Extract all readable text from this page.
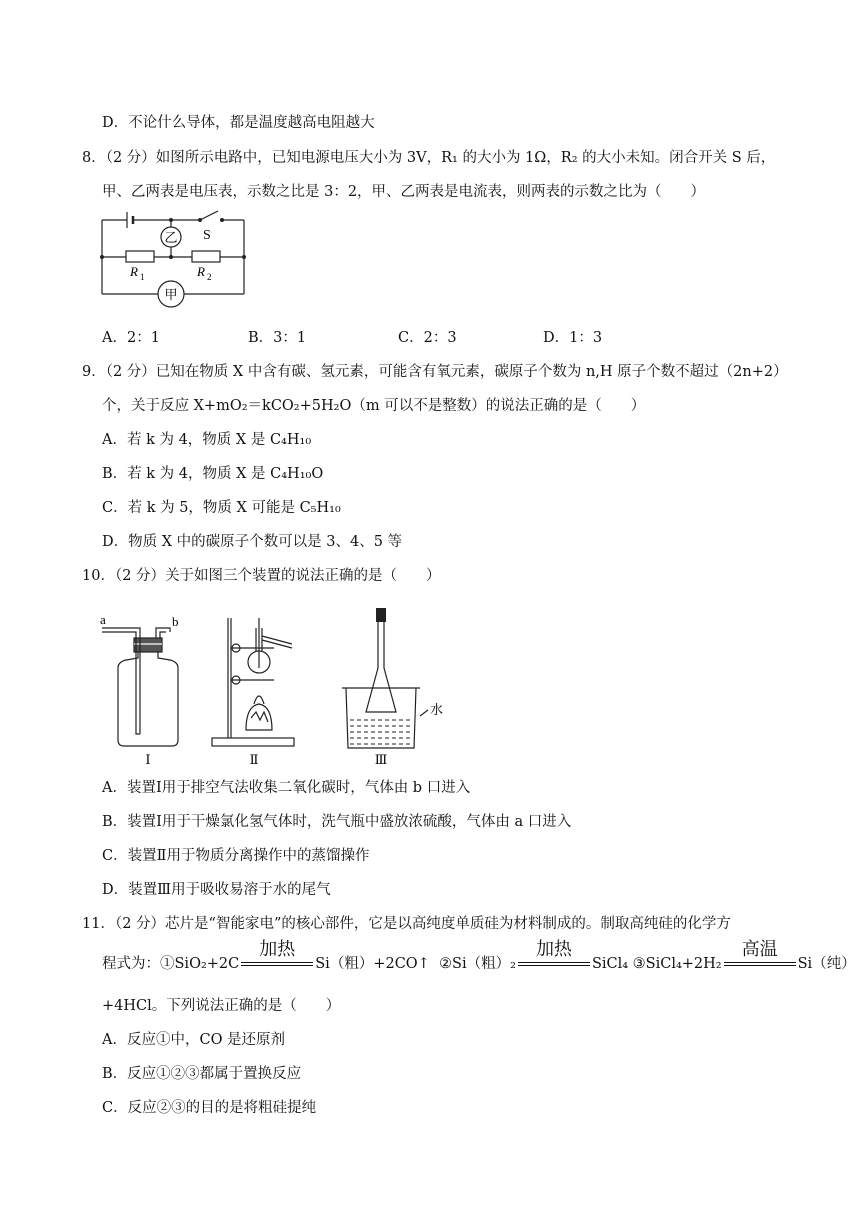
D．不论什么导体，都是温度越高电阻越大
8．（2 分）如图所示电路中，已知电源电压大小为 3V，R₁ 的大小为 1Ω，R₂ 的大小未知。闭合开关 S 后，
甲、乙两表是电压表，示数之比是 3：2，甲、乙两表是电流表，则两表的示数之比为（　　）
乙
甲
S
R 1	R 2
A．2：1	B．3：1	C．2：3	D．1：3
9．（2 分）已知在物质 X 中含有碳、氢元素，可能含有氧元素，碳原子个数为 n,H 原子个数不超过（2n+2）
个，关于反应 X+mO₂＝kCO₂+5H₂O（m 可以不是整数）的说法正确的是（　　）
A．若 k 为 4，物质 X 是 C₄H₁₀
B．若 k 为 4，物质 X 是 C₄H₁₀O
C．若 k 为 5，物质 X 可能是 C₅H₁₀
D．物质 X 中的碳原子个数可以是 3、4、5 等
10．（2 分）关于如图三个装置的说法正确的是（　　）
a	b
Ⅰ	Ⅱ	Ⅲ
水
A．装置Ⅰ用于排空气法收集二氧化碳时，气体由 b 口进入
B．装置Ⅰ用于干燥氯化氢气体时，洗气瓶中盛放浓硫酸，气体由 a 口进入
C．装置Ⅱ用于物质分离操作中的蒸馏操作
D．装置Ⅲ用于吸收易溶于水的尾气
11．（2 分）芯片是“智能家电”的核心部件，它是以高纯度单质硅为材料制成的。制取高纯硅的化学方
程式为：①SiO₂+2C
加热
Si（粗）+2CO↑ ②Si（粗）₂
加热
SiCl₄ ③SiCl₄+2H₂
高温
Si（纯）
+4HCl。下列说法正确的是（　　）
A．反应①中，CO 是还原剂
B．反应①②③都属于置换反应
C．反应②③的目的是将粗硅提纯
